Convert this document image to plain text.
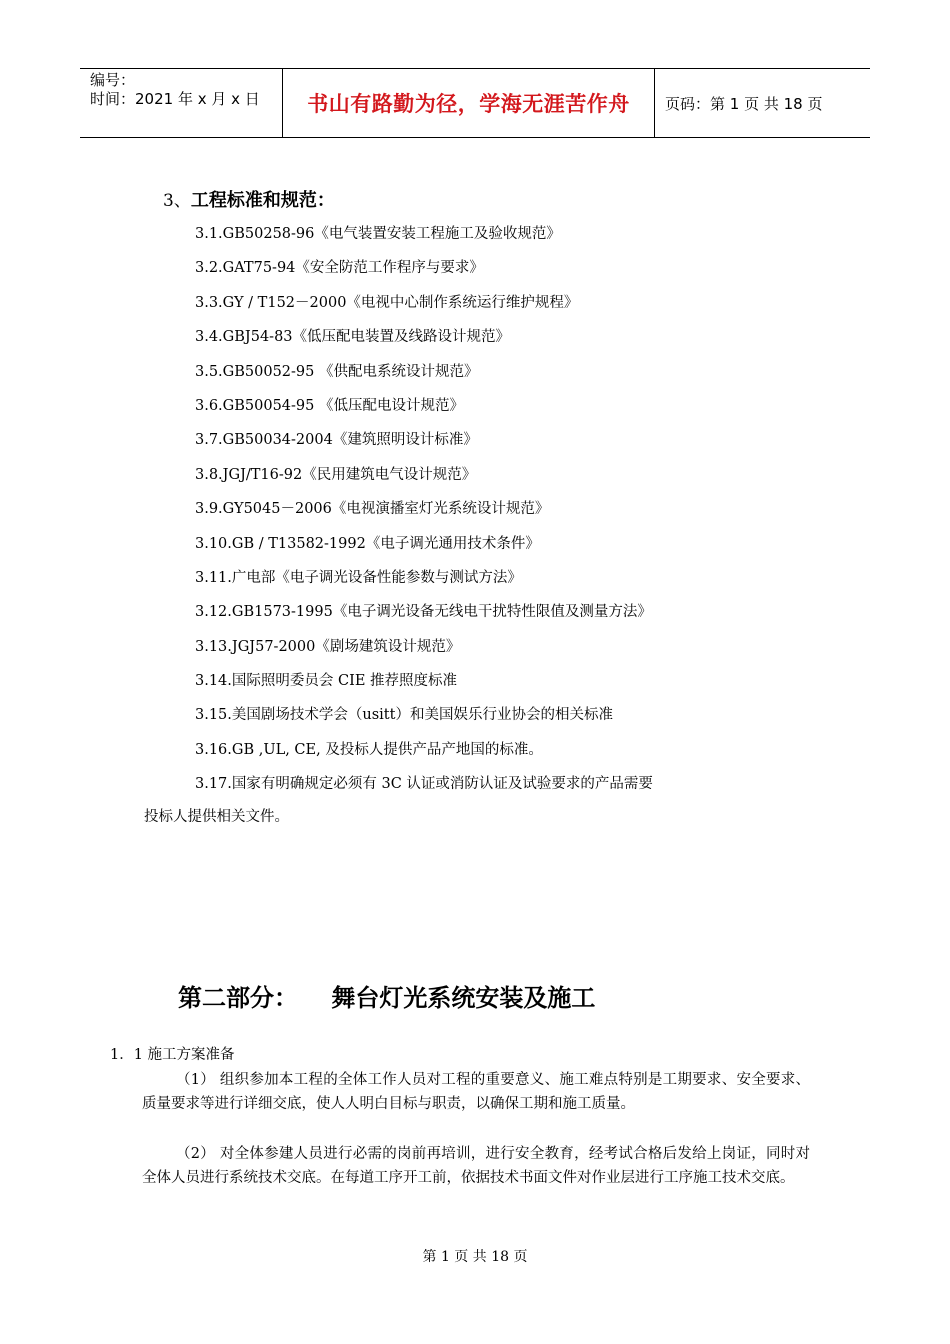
编号：
时间：2021 年 x 月 x 日	书山有路勤为径，学海无涯苦作舟	页码：第 1 页 共 18 页
3、工程标准和规范：
3.1.GB50258-96《电气装置安装工程施工及验收规范》
3.2.GAT75-94《安全防范工作程序与要求》
3.3.GY / T152－2000《电视中心制作系统运行维护规程》
3.4.GBJ54-83《低压配电装置及线路设计规范》
3.5.GB50052-95 《供配电系统设计规范》
3.6.GB50054-95 《低压配电设计规范》
3.7.GB50034-2004《建筑照明设计标准》
3.8.JGJ/T16-92《民用建筑电气设计规范》
3.9.GY5045－2006《电视演播室灯光系统设计规范》
3.10.GB / T13582-1992《电子调光通用技术条件》
3.11.广电部《电子调光设备性能参数与测试方法》
3.12.GB1573-1995《电子调光设备无线电干扰特性限值及测量方法》
3.13.JGJ57-2000《剧场建筑设计规范》
3.14.国际照明委员会 CIE 推荐照度标准
3.15.美国剧场技术学会（usitt）和美国娱乐行业协会的相关标准
3.16.GB ,UL, CE, 及投标人提供产品产地国的标准。
3.17.国家有明确规定必须有 3C 认证或消防认证及试验要求的产品需要
投标人提供相关文件。
第二部分：    舞台灯光系统安装及施工
1．1 施工方案准备

（1） 组织参加本工程的全体工作人员对工程的重要意义、施工难点特别是工期要求、安全要求、质量要求等进行详细交底，使人人明白目标与职责，以确保工期和施工质量。

（2） 对全体参建人员进行必需的岗前再培训，进行安全教育，经考试合格后发给上岗证，同时对全体人员进行系统技术交底。在每道工序开工前，依据技术书面文件对作业层进行工序施工技术交底。

第 1 页 共 18 页
